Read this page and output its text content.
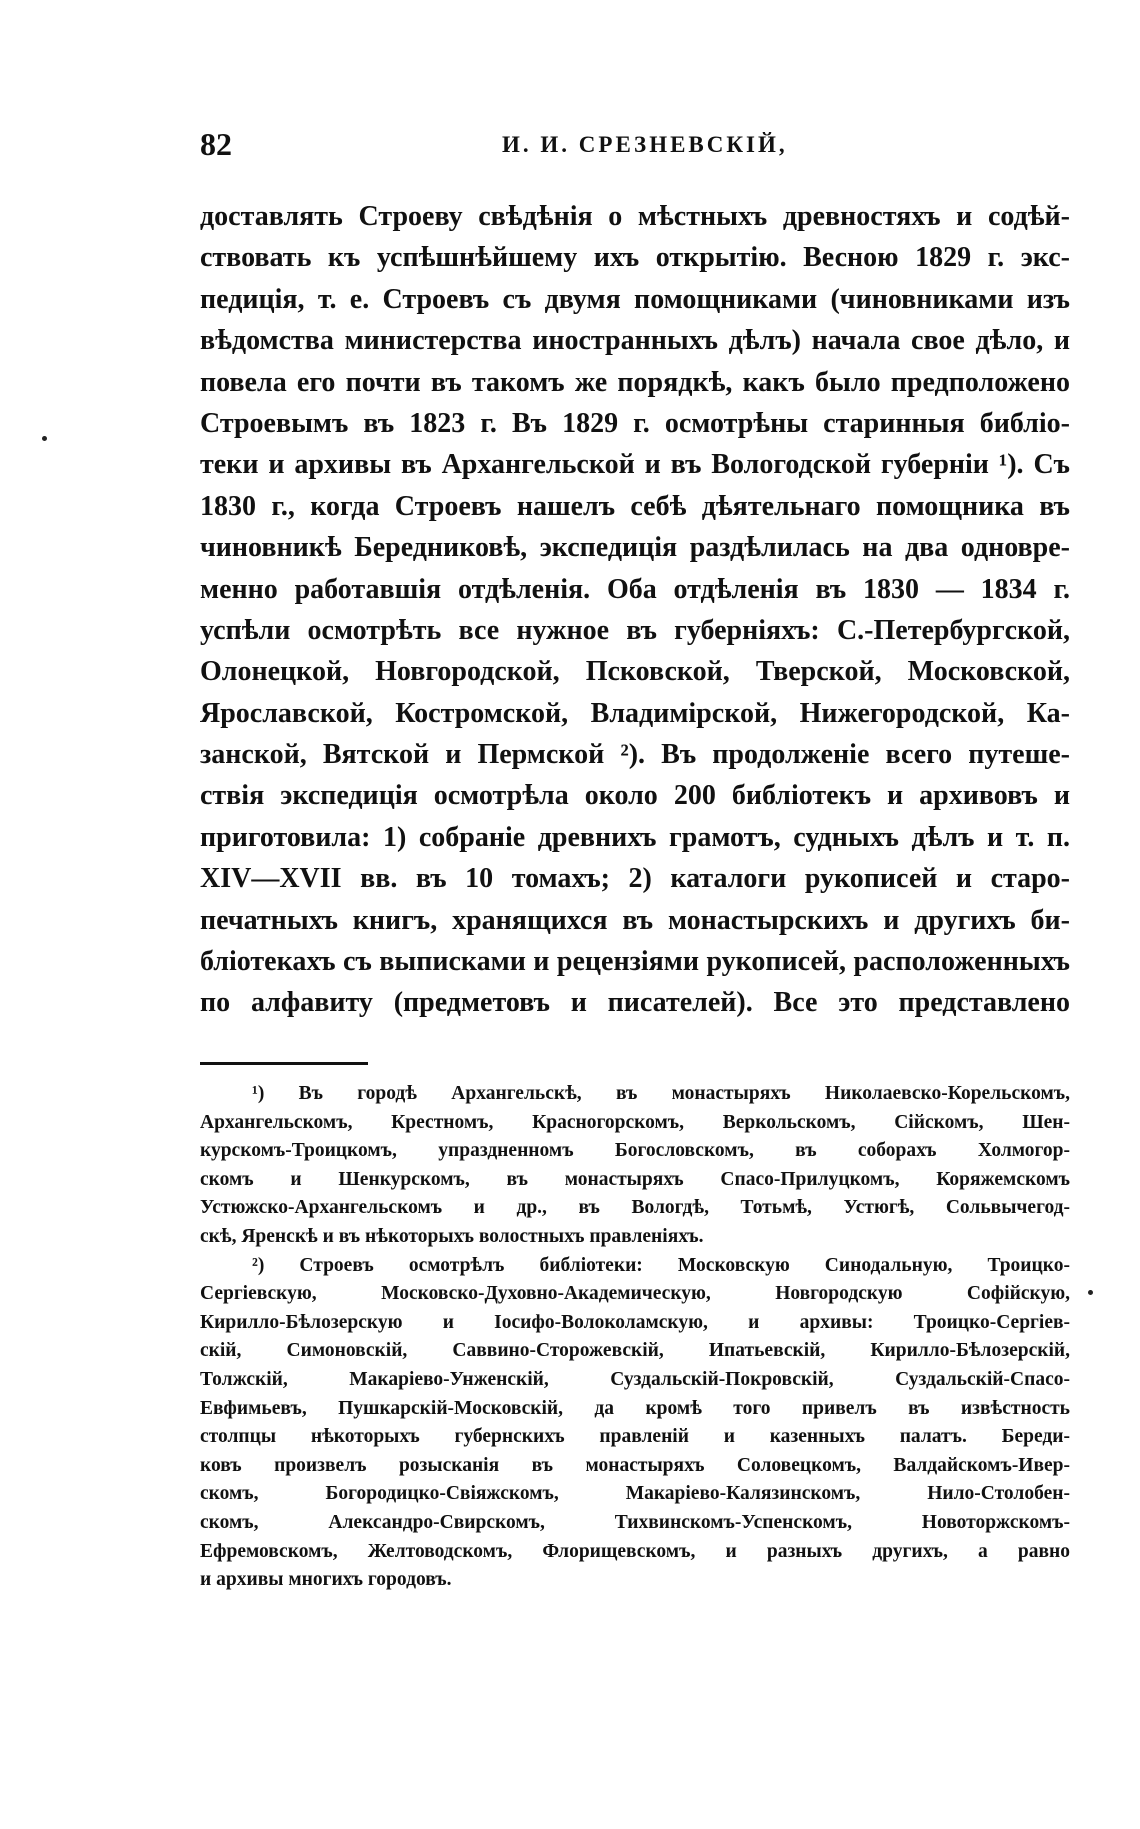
82	И. И. СРЕЗНЕВСКІЙ,
доставлять Строеву свѣдѣнія о мѣстныхъ древностяхъ и содѣй-
ствовать къ успѣшнѣйшему ихъ открытію. Весною 1829 г. экс-
педиція, т. е. Строевъ съ двумя помощниками (чиновниками изъ
вѣдомства министерства иностранныхъ дѣлъ) начала свое дѣло, и
повела его почти въ такомъ же порядкѣ, какъ было предположено
Строевымъ въ 1823 г. Въ 1829 г. осмотрѣны старинныя библіо-
теки и архивы въ Архангельской и въ Вологодской губерніи ¹). Съ
1830 г., когда Строевъ нашелъ себѣ дѣятельнаго помощника въ
чиновникѣ Бередниковѣ, экспедиція раздѣлилась на два одновре-
менно работавшія отдѣленія. Оба отдѣленія въ 1830 — 1834 г.
успѣли осмотрѣть все нужное въ губерніяхъ: С.-Петербургской,
Олонецкой, Новгородской, Псковской, Тверской, Московской,
Ярославской, Костромской, Владимірской, Нижегородской, Ка-
занской, Вятской и Пермской ²). Въ продолженіе всего путеше-
ствія экспедиція осмотрѣла около 200 библіотекъ и архивовъ и
приготовила: 1) собраніе древнихъ грамотъ, судныхъ дѣлъ и т. п.
XIV—XVII вв. въ 10 томахъ; 2) каталоги рукописей и старо-
печатныхъ книгъ, хранящихся въ монастырскихъ и другихъ би-
бліотекахъ съ выписками и рецензіями рукописей, расположенныхъ
по алфавиту (предметовъ и писателей). Все это представлено
¹) Въ городѣ Архангельскѣ, въ монастыряхъ Николаевско-Корельскомъ,
Архангельскомъ, Крестномъ, Красногорскомъ, Веркольскомъ, Сійскомъ, Шен-
курскомъ-Троицкомъ, упраздненномъ Богословскомъ, въ соборахъ Холмогор-
скомъ и Шенкурскомъ, въ монастыряхъ Спасо-Прилуцкомъ, Коряжемскомъ
Устюжско-Архангельскомъ и др., въ Вологдѣ, Тотьмѣ, Устюгѣ, Сольвычегод-
скѣ, Яренскѣ и въ нѣкоторыхъ волостныхъ правленіяхъ.
²) Строевъ осмотрѣлъ библіотеки: Московскую Синодальную, Троицко-
Сергіевскую, Московско-Духовно-Академическую, Новгородскую Софійскую,
Кирилло-Бѣлозерскую и Іосифо-Волоколамскую, и архивы: Троицко-Сергіев-
скій, Симоновскій, Саввино-Сторожевскій, Ипатьевскій, Кирилло-Бѣлозерскій,
Толжскій, Макаріево-Унженскій, Суздальскій-Покровскій, Суздальскій-Спасо-
Евфимьевъ, Пушкарскій-Московскій, да кромѣ того привелъ въ извѣстность
столпцы нѣкоторыхъ губернскихъ правленій и казенныхъ палатъ. Береди-
ковъ произвелъ розысканія въ монастыряхъ Соловецкомъ, Валдайскомъ-Ивер-
скомъ, Богородицко-Свіяжскомъ, Макаріево-Калязинскомъ, Нило-Столобен-
скомъ, Александро-Свирскомъ, Тихвинскомъ-Успенскомъ, Новоторжскомъ-
Ефремовскомъ, Желтоводскомъ, Флорищевскомъ, и разныхъ другихъ, а равно
и архивы многихъ городовъ.
